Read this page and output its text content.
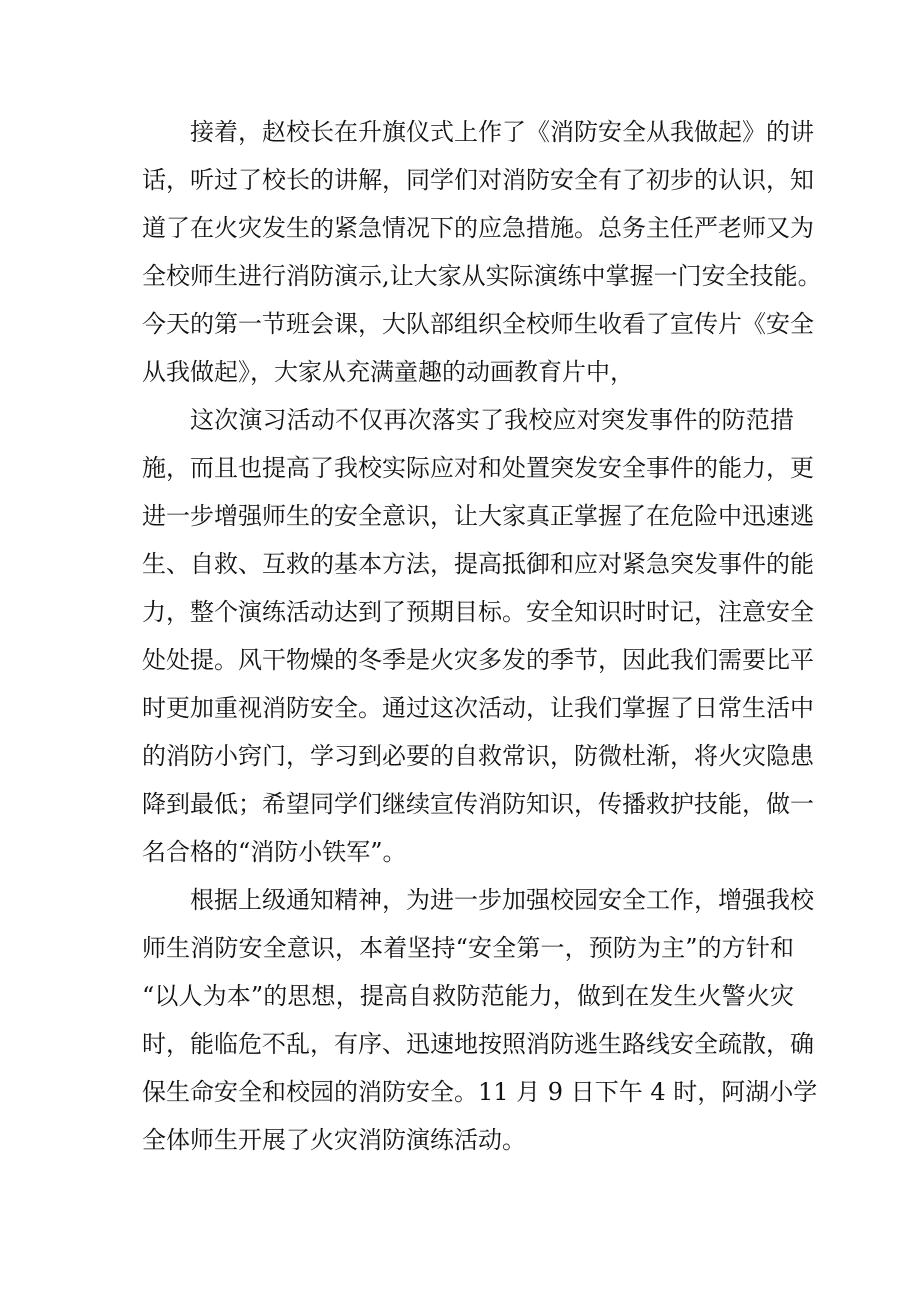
接着，赵校长在升旗仪式上作了《消防安全从我做起》的讲
话，听过了校长的讲解，同学们对消防安全有了初步的认识，知
道了在火灾发生的紧急情况下的应急措施。总务主任严老师又为
全校师生进行消防演示,让大家从实际演练中掌握一门安全技能。
今天的第一节班会课，大队部组织全校师生收看了宣传片《安全
从我做起》，大家从充满童趣的动画教育片中，
这次演习活动不仅再次落实了我校应对突发事件的防范措
施，而且也提高了我校实际应对和处置突发安全事件的能力，更
进一步增强师生的安全意识，让大家真正掌握了在危险中迅速逃
生、自救、互救的基本方法，提高抵御和应对紧急突发事件的能
力，整个演练活动达到了预期目标。安全知识时时记，注意安全
处处提。风干物燥的冬季是火灾多发的季节，因此我们需要比平
时更加重视消防安全。通过这次活动，让我们掌握了日常生活中
的消防小窍门，学习到必要的自救常识，防微杜渐，将火灾隐患
降到最低；希望同学们继续宣传消防知识，传播救护技能，做一
名合格的“消防小铁军”。
根据上级通知精神，为进一步加强校园安全工作，增强我校
师生消防安全意识，本着坚持“安全第一，预防为主”的方针和
“以人为本”的思想，提高自救防范能力，做到在发生火警火灾
时，能临危不乱，有序、迅速地按照消防逃生路线安全疏散，确
保生命安全和校园的消防安全。11 月 9 日下午 4 时，阿湖小学
全体师生开展了火灾消防演练活动。
